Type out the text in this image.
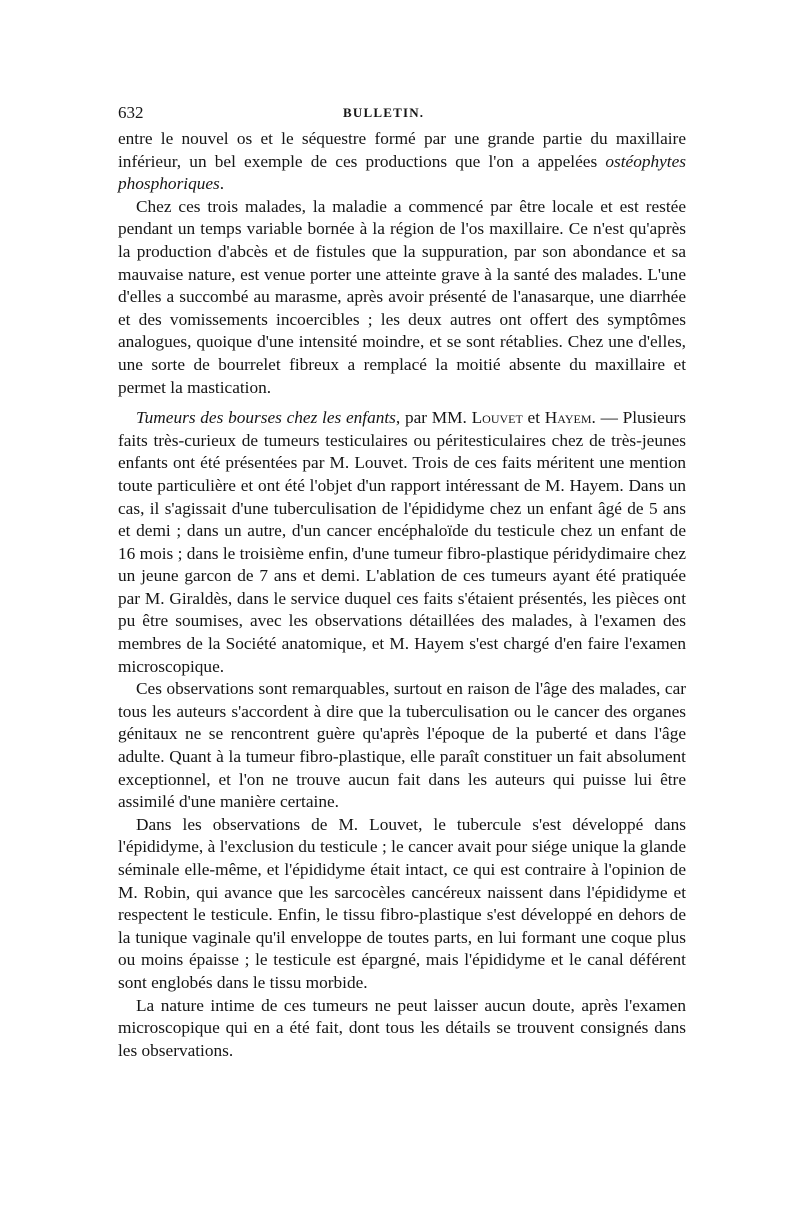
632	BULLETIN.

entre le nouvel os et le séquestre formé par une grande partie du maxillaire inférieur, un bel exemple de ces productions que l'on a appelées ostéophytes phosphoriques.

Chez ces trois malades, la maladie a commencé par être locale et est restée pendant un temps variable bornée à la région de l'os maxillaire. Ce n'est qu'après la production d'abcès et de fistules que la suppuration, par son abondance et sa mauvaise nature, est venue porter une atteinte grave à la santé des malades. L'une d'elles a succombé au marasme, après avoir présenté de l'anasarque, une diarrhée et des vomissements incoercibles ; les deux autres ont offert des symptômes analogues, quoique d'une intensité moindre, et se sont rétablies. Chez une d'elles, une sorte de bourrelet fibreux a remplacé la moitié absente du maxillaire et permet la mastication.

Tumeurs des bourses chez les enfants, par MM. Louvet et Hayem. — Plusieurs faits très-curieux de tumeurs testiculaires ou péritesticulaires chez de très-jeunes enfants ont été présentées par M. Louvet. Trois de ces faits méritent une mention toute particulière et ont été l'objet d'un rapport intéressant de M. Hayem. Dans un cas, il s'agissait d'une tuberculisation de l'épididyme chez un enfant âgé de 5 ans et demi ; dans un autre, d'un cancer encéphaloïde du testicule chez un enfant de 16 mois ; dans le troisième enfin, d'une tumeur fibro-plastique péridydimaire chez un jeune garcon de 7 ans et demi. L'ablation de ces tumeurs ayant été pratiquée par M. Giraldès, dans le service duquel ces faits s'étaient présentés, les pièces ont pu être soumises, avec les observations détaillées des malades, à l'examen des membres de la Société anatomique, et M. Hayem s'est chargé d'en faire l'examen microscopique.

Ces observations sont remarquables, surtout en raison de l'âge des malades, car tous les auteurs s'accordent à dire que la tuberculisation ou le cancer des organes génitaux ne se rencontrent guère qu'après l'époque de la puberté et dans l'âge adulte. Quant à la tumeur fibro-plastique, elle paraît constituer un fait absolument exceptionnel, et l'on ne trouve aucun fait dans les auteurs qui puisse lui être assimilé d'une manière certaine.

Dans les observations de M. Louvet, le tubercule s'est développé dans l'épididyme, à l'exclusion du testicule ; le cancer avait pour siége unique la glande séminale elle-même, et l'épididyme était intact, ce qui est contraire à l'opinion de M. Robin, qui avance que les sarcocèles cancéreux naissent dans l'épididyme et respectent le testicule. Enfin, le tissu fibro-plastique s'est développé en dehors de la tunique vaginale qu'il enveloppe de toutes parts, en lui formant une coque plus ou moins épaisse ; le testicule est épargné, mais l'épididyme et le canal déférent sont englobés dans le tissu morbide.

La nature intime de ces tumeurs ne peut laisser aucun doute, après l'examen microscopique qui en a été fait, dont tous les détails se trouvent consignés dans les observations.
